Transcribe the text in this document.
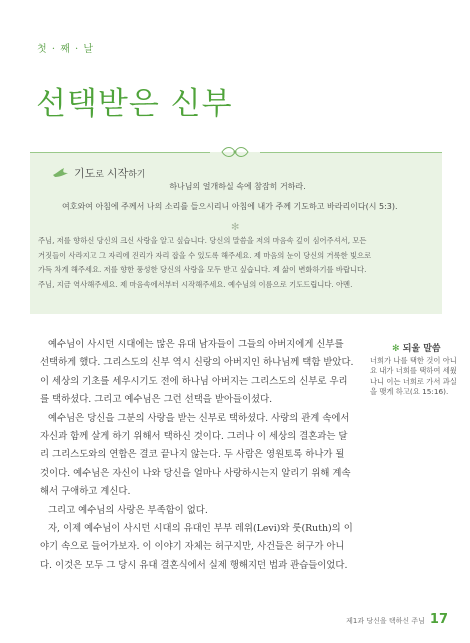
첫 · 째 · 날
선택받은 신부
기도로 시작하기
하나님의 얼개하실 속에 참잠히 거하라.
여호와여 아침에 주께서 나의 소리를 들으시리니 아침에 내가 주께 기도하고 바라리이다(시 5:3).
✻

주님, 저를 향하신 당신의 크신 사랑을 알고 싶습니다. 당신의 말씀을 저의 마음속 깊이 심어주셔서, 모든

거짓들이 사라지고 그 자리에 진리가 자리 잡을 수 있도록 해주세요. 제 마음의 눈이 당신의 거룩한 빛으로

가득 차게 해주세요. 저를 향한 풍성한 당신의 사랑을 모두 받고 싶습니다. 제 삶이 변화하기를 바랍니다.

주님, 지금 역사해주세요. 제 마음속에서부터 시작해주세요. 예수님의 이름으로 기도드립니다. 아멘.

예수님이 사시던 시대에는 많은 유대 남자들이 그들의 아버지에게 신부를 선택하게 했다. 그리스도의 신부 역시 신랑의 아버지인 하나님께 택함 받았다. 이 세상의 기초를 세우시기도 전에 하나님 아버지는 그리스도의 신부로 우리를 택하셨다. 그리고 예수님은 그런 선택을 받아들이셨다.

예수님은 당신을 그분의 사랑을 받는 신부로 택하셨다. 사랑의 관계 속에서 자신과 함께 살게 하기 위해서 택하신 것이다. 그러나 이 세상의 결혼과는 달리 그리스도와의 연합은 결코 끝나지 않는다. 두 사람은 영원토록 하나가 될 것이다. 예수님은 자신이 나와 당신을 얼마나 사랑하시는지 알리기 위해 계속해서 구애하고 계신다.

그리고 예수님의 사랑은 부족함이 없다.

자, 이제 예수님이 사시던 시대의 유대인 부부 레위(Levi)와 룻(Ruth)의 이야기 속으로 들어가보자. 이 이야기 자체는 허구지만, 사건들은 허구가 아니다. 이것은 모두 그 당시 유대 결혼식에서 실제 행해지던 법과 관습들이었다.

✻ 되울 말씀
너희가 나를 택한 것이 아니요 내가 너희를 택하여 세웠나니 이는 너희로 가서 과실을 맺게 하고(요 15:16).
제1과 당신을 택하신 주님 17
